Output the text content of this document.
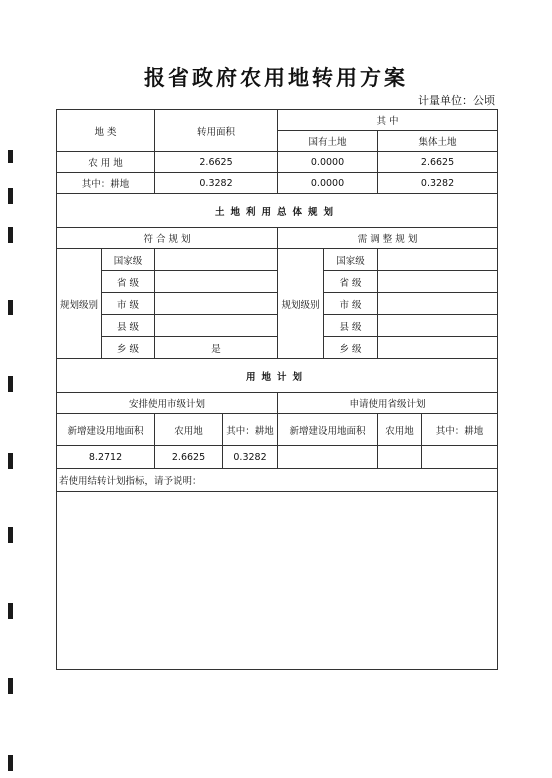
报省政府农用地转用方案
计量单位：公顷
地 类		转用面积		其 中			
				国有土地		集体土地	
农 用 地		2.6625		0.0000		2.6625	
其中：耕地		0.3282		0.0000		0.3282	
土地利用总体规划							
符 合 规 划				需 调 整 规 划			
规划级别	国家级			规划级别	国家级		
	省 级				省 级		
	市 级				市 级		
	县 级				县 级		
	乡 级	是			乡 级		
用地计划							
安排使用市级计划				申请使用省级计划			
新增建设用地面积		农用地	其中：耕地	新增建设用地面积		农用地	其中：耕地
8.2712		2.6625	0.3282				
若使用结转计划指标，请予说明：							
